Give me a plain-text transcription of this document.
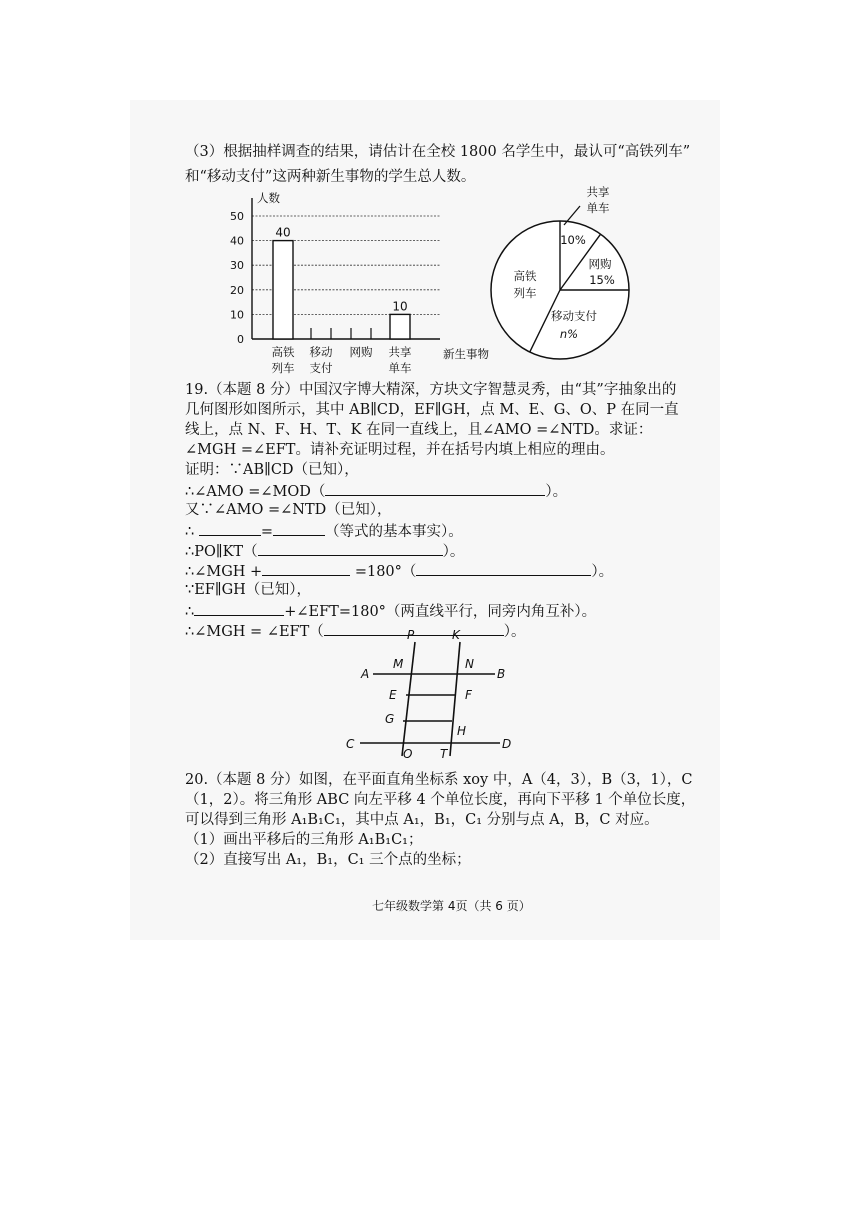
（3）根据抽样调查的结果，请估计在全校 1800 名学生中，最认可“高铁列车”
和“移动支付”这两种新生事物的学生总人数。
0
10
20
30
40
50
人数
新生事物
40
高铁
列车
移动
支付
网购
10
共享
单车
共享
单车
10%
网购
15%
移动支付
n%
高铁
列车
19.（本题 8 分）中国汉字博大精深，方块文字智慧灵秀，由“其”字抽象出的
几何图形如图所示，其中 AB∥CD，EF∥GH，点 M、E、G、O、P 在同一直
线上，点 N、F、H、T、K 在同一直线上，且∠AMO =∠NTD。求证：
∠MGH =∠EFT。请补充证明过程，并在括号内填上相应的理由。
证明：∵AB∥CD（已知），
∴∠AMO =∠MOD（	）。
又∵∠AMO =∠NTD（已知），
∴	=	（等式的基本事实）。
∴PO∥KT（	）。
∴∠MGH +	=180°（	）。
∵EF∥GH（已知），
∴	+∠EFT=180°（两直线平行，同旁内角互补）。
∴∠MGH = ∠EFT（	）。
P	K
M	N
A	B
E	F
G
H
C	D
O T
20.（本题 8 分）如图，在平面直角坐标系 xoy 中，A（4，3），B（3，1），C
（1，2）。将三角形 ABC 向左平移 4 个单位长度，再向下平移 1 个单位长度，
可以得到三角形 A₁B₁C₁，其中点 A₁，B₁，C₁ 分别与点 A，B，C 对应。
（1）画出平移后的三角形 A₁B₁C₁；
（2）直接写出 A₁，B₁，C₁ 三个点的坐标；
七年级数学第 4页（共 6 页）
